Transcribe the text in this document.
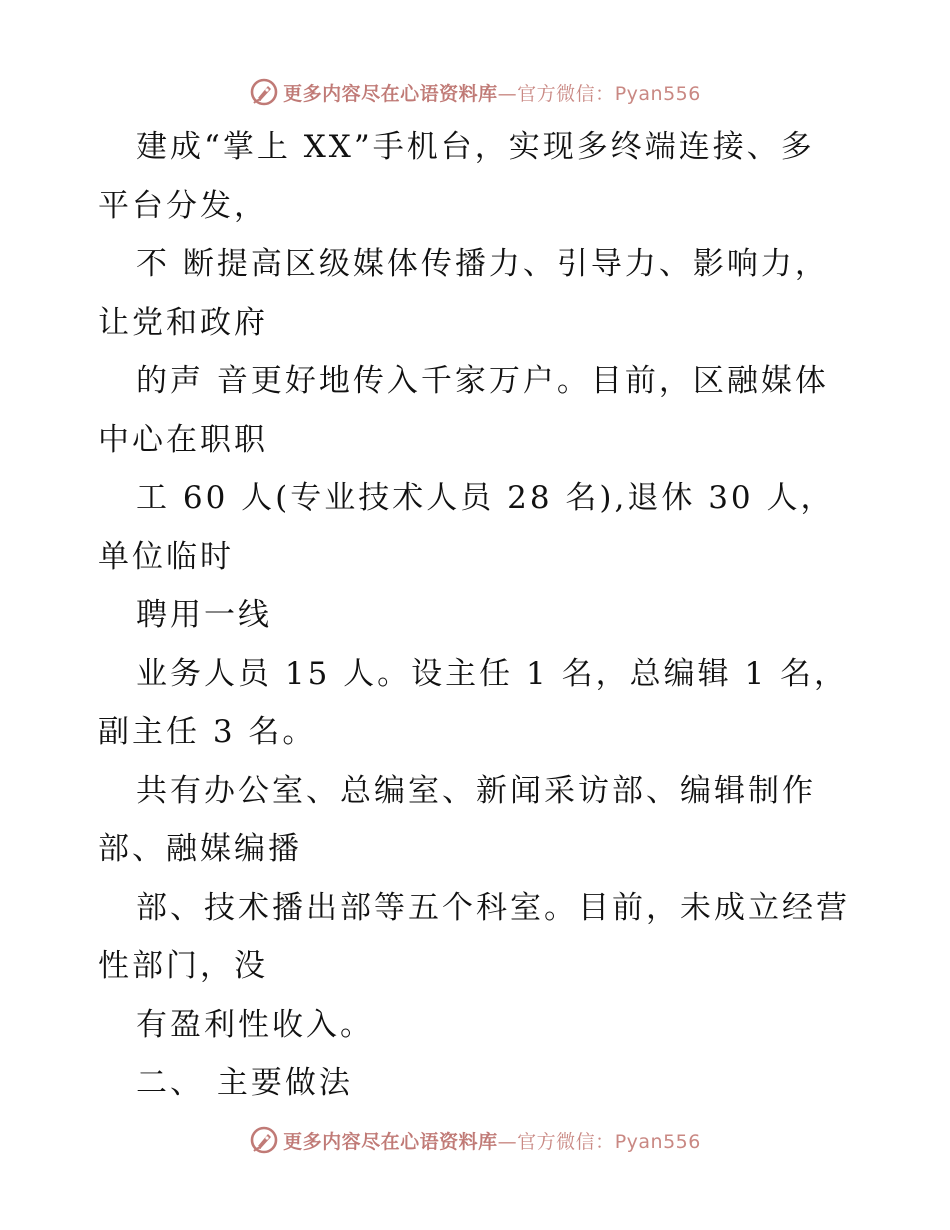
更多内容尽在心语资料库—官方微信：Pyan556
建成“掌上 XX”手机台，实现多终端连接、多
平台分发，
不 断提高区级媒体传播力、引导力、影响力，
让党和政府
的声 音更好地传入千家万户。目前，区融媒体
中心在职职
工 60 人(专业技术人员 28 名),退休 30 人，
单位临时
聘用一线
业务人员 15 人。设主任 1 名，总编辑 1 名，
副主任 3 名。
共有办公室、总编室、新闻采访部、编辑制作
部、融媒编播
部、技术播出部等五个科室。目前，未成立经营
性部门，没
有盈利性收入。
二、 主要做法
更多内容尽在心语资料库—官方微信：Pyan556
